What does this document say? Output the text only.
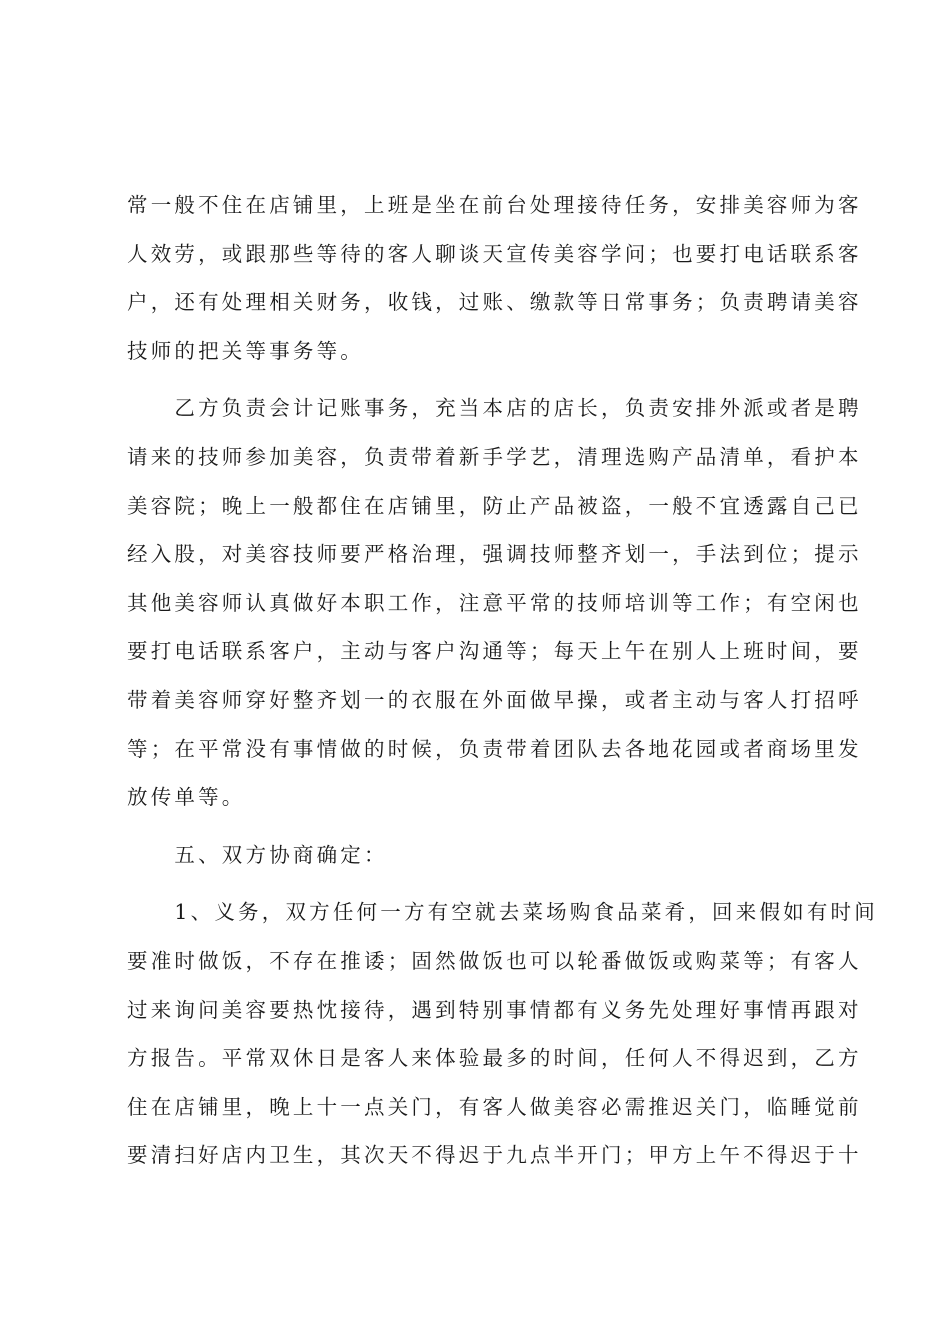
常一般不住在店铺里，上班是坐在前台处理接待任务，安排美容师为客
人效劳，或跟那些等待的客人聊谈天宣传美容学问；也要打电话联系客
户，还有处理相关财务，收钱，过账、缴款等日常事务；负责聘请美容
技师的把关等事务等。
　　乙方负责会计记账事务，充当本店的店长，负责安排外派或者是聘
请来的技师参加美容，负责带着新手学艺，清理选购产品清单，看护本
美容院；晚上一般都住在店铺里，防止产品被盗，一般不宜透露自己已
经入股，对美容技师要严格治理，强调技师整齐划一，手法到位；提示
其他美容师认真做好本职工作，注意平常的技师培训等工作；有空闲也
要打电话联系客户，主动与客户沟通等；每天上午在别人上班时间，要
带着美容师穿好整齐划一的衣服在外面做早操，或者主动与客人打招呼
等；在平常没有事情做的时候，负责带着团队去各地花园或者商场里发
放传单等。
　　五、双方协商确定：
　　1、义务，双方任何一方有空就去菜场购食品菜肴，回来假如有时间
要准时做饭，不存在推诿；固然做饭也可以轮番做饭或购菜等；有客人
过来询问美容要热忱接待，遇到特别事情都有义务先处理好事情再跟对
方报告。平常双休日是客人来体验最多的时间，任何人不得迟到，乙方
住在店铺里，晚上十一点关门，有客人做美容必需推迟关门，临睡觉前
要清扫好店内卫生，其次天不得迟于九点半开门；甲方上午不得迟于十
